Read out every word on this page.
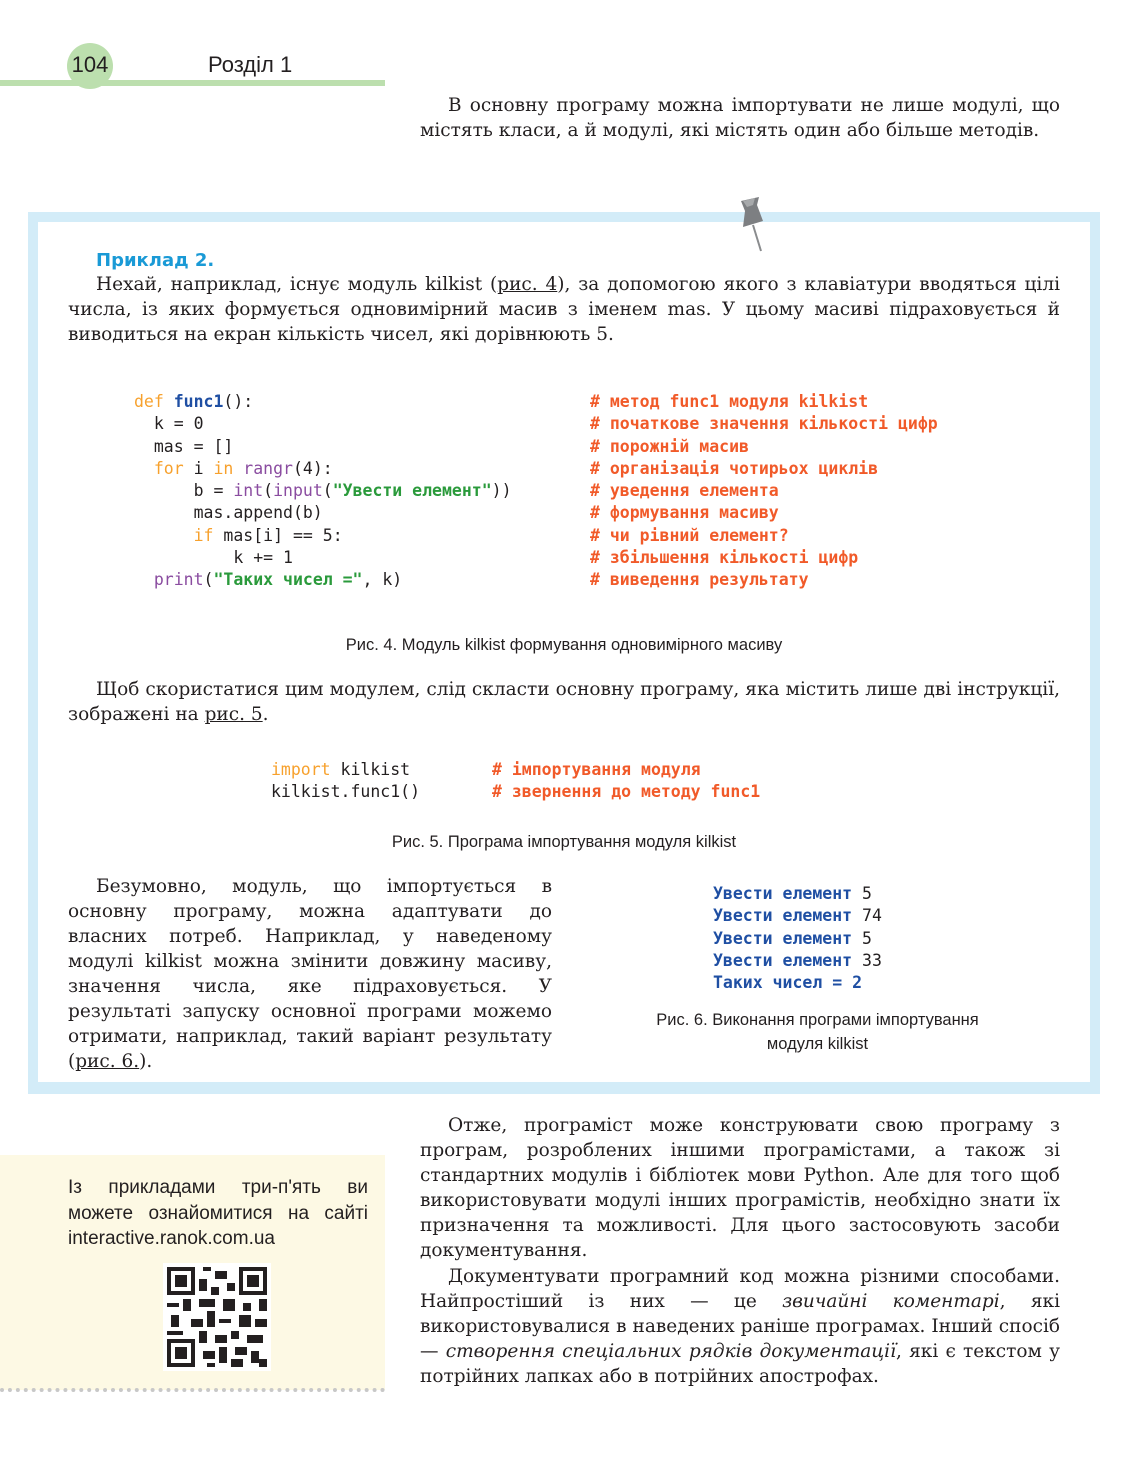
104	Розділ 1
В основну програму можна імпортувати не лише модулі, що містять класи, а й модулі, які містять один або більше методів.
Приклад 2.
Нехай, наприклад, існує модуль kilkist (рис. 4), за допомогою якого з клавіатури вводяться цілі числа, із яких формується одновимірний масив з іменем mas. У цьому масиві підраховується й виводиться на екран кількість чисел, які дорівнюють 5.
def func1():
k = 0
mas = []
for i in rangr(4):
b = int(input("Увести елемент"))
mas.append(b)
if mas[i] == 5:
k += 1
print("Таких чисел =", k)
# метод func1 модуля kilkist
# початкове значення кількості цифр
# порожній масив
# організація чотирьох циклів
# уведення елемента
# формування масиву
# чи рівний елемент?
# збільшення кількості цифр
# виведення результату
Рис. 4. Модуль kilkist формування одновимірного масиву
Щоб скористатися цим модулем, слід скласти основну програму, яка містить лише дві інструкції, зображені на рис. 5.
import kilkist
kilkist.func1()
# імпортування модуля
# звернення до методу func1
Рис. 5. Програма імпортування модуля kilkist
Безумовно, модуль, що імпортується в основну програму, можна адаптувати до власних потреб. Наприклад, у наведеному модулі kilkist можна змінити довжину масиву, значення числа, яке підраховується. У результаті запуску основної програми можемо отримати, наприклад, такий варіант результату (рис. 6.).
Увести елемент 5
Увести елемент 74
Увести елемент 5
Увести елемент 33
Таких чисел = 2
Рис. 6. Виконання програми імпортування
модуля kilkist
Із прикладами три-п'ять ви можете ознайомитися на сайті interactive.ranok.com.ua
Отже, програміст може конструювати свою програму з програм, розроблених іншими програмістами, а також зі стандартних модулів і бібліотек мови Python. Але для того щоб використовувати модулі інших програмістів, необхідно знати їх призначення та можливості. Для цього застосовують засоби документування.
Документувати програмний код можна різними способами. Найпростіший із них — це звичайні коментарі, які використовувалися в наведених раніше програмах. Інший спосіб — створення спеціальних рядків документації, які є текстом у потрійних лапках або в потрійних апострофах.
